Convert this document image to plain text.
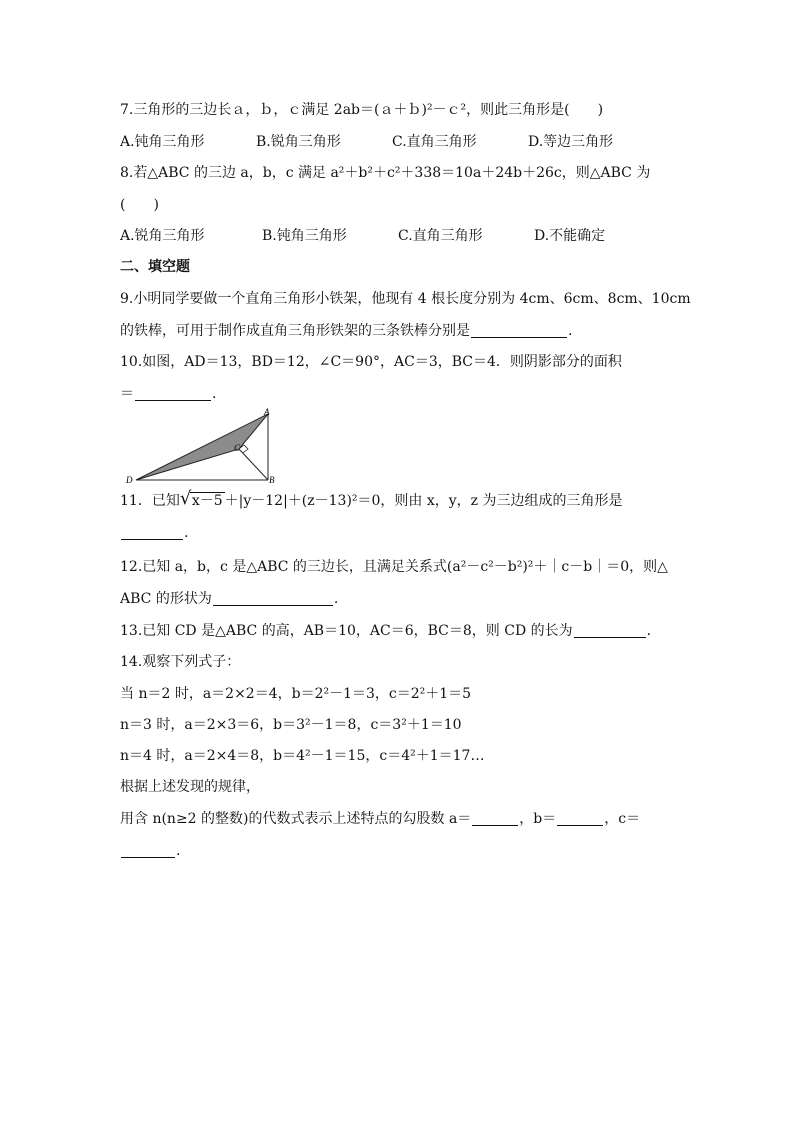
7.三角形的三边长ａ，ｂ，ｃ满足 2ab＝(ａ＋ｂ)²－ｃ²，则此三角形是(　　)
A.钝角三角形	B.锐角三角形	C.直角三角形	D.等边三角形
8.若△ABC 的三边 a，b，c 满足 a²＋b²＋c²＋338＝10a＋24b＋26c，则△ABC 为
(　　)
A.锐角三角形	B.钝角三角形	C.直角三角形	D.不能确定
二、填空题
9.小明同学要做一个直角三角形小铁架，他现有 4 根长度分别为 4cm、6cm、8cm、10cm
的铁棒，可用于制作成直角三角形铁架的三条铁棒分别是	.
10.如图，AD＝13，BD＝12，∠C＝90°，AC＝3，BC＝4．则阴影部分的面积
＝	.
A
B
C
D
11．已知 √ x－5 ＋|y－12|＋(z－13)²＝0，则由 x，y，z 为三边组成的三角形是
.
12.已知 a，b，c 是△ABC 的三边长，且满足关系式(a²－c²－b²)²＋｜c－b｜＝0，则△
ABC 的形状为	.
13.已知 CD 是△ABC 的高，AB＝10，AC＝6，BC＝8，则 CD 的长为	.
14.观察下列式子：
当 n＝2 时，a＝2×2＝4，b＝2²－1＝3，c＝2²＋1＝5
n＝3 时，a＝2×3＝6，b＝3²－1＝8，c＝3²＋1＝10
n＝4 时，a＝2×4＝8，b＝4²－1＝15，c＝4²＋1＝17…
根据上述发现的规律，
用含 n(n≥2 的整数)的代数式表示上述特点的勾股数 a＝	，b＝	，c＝
.
